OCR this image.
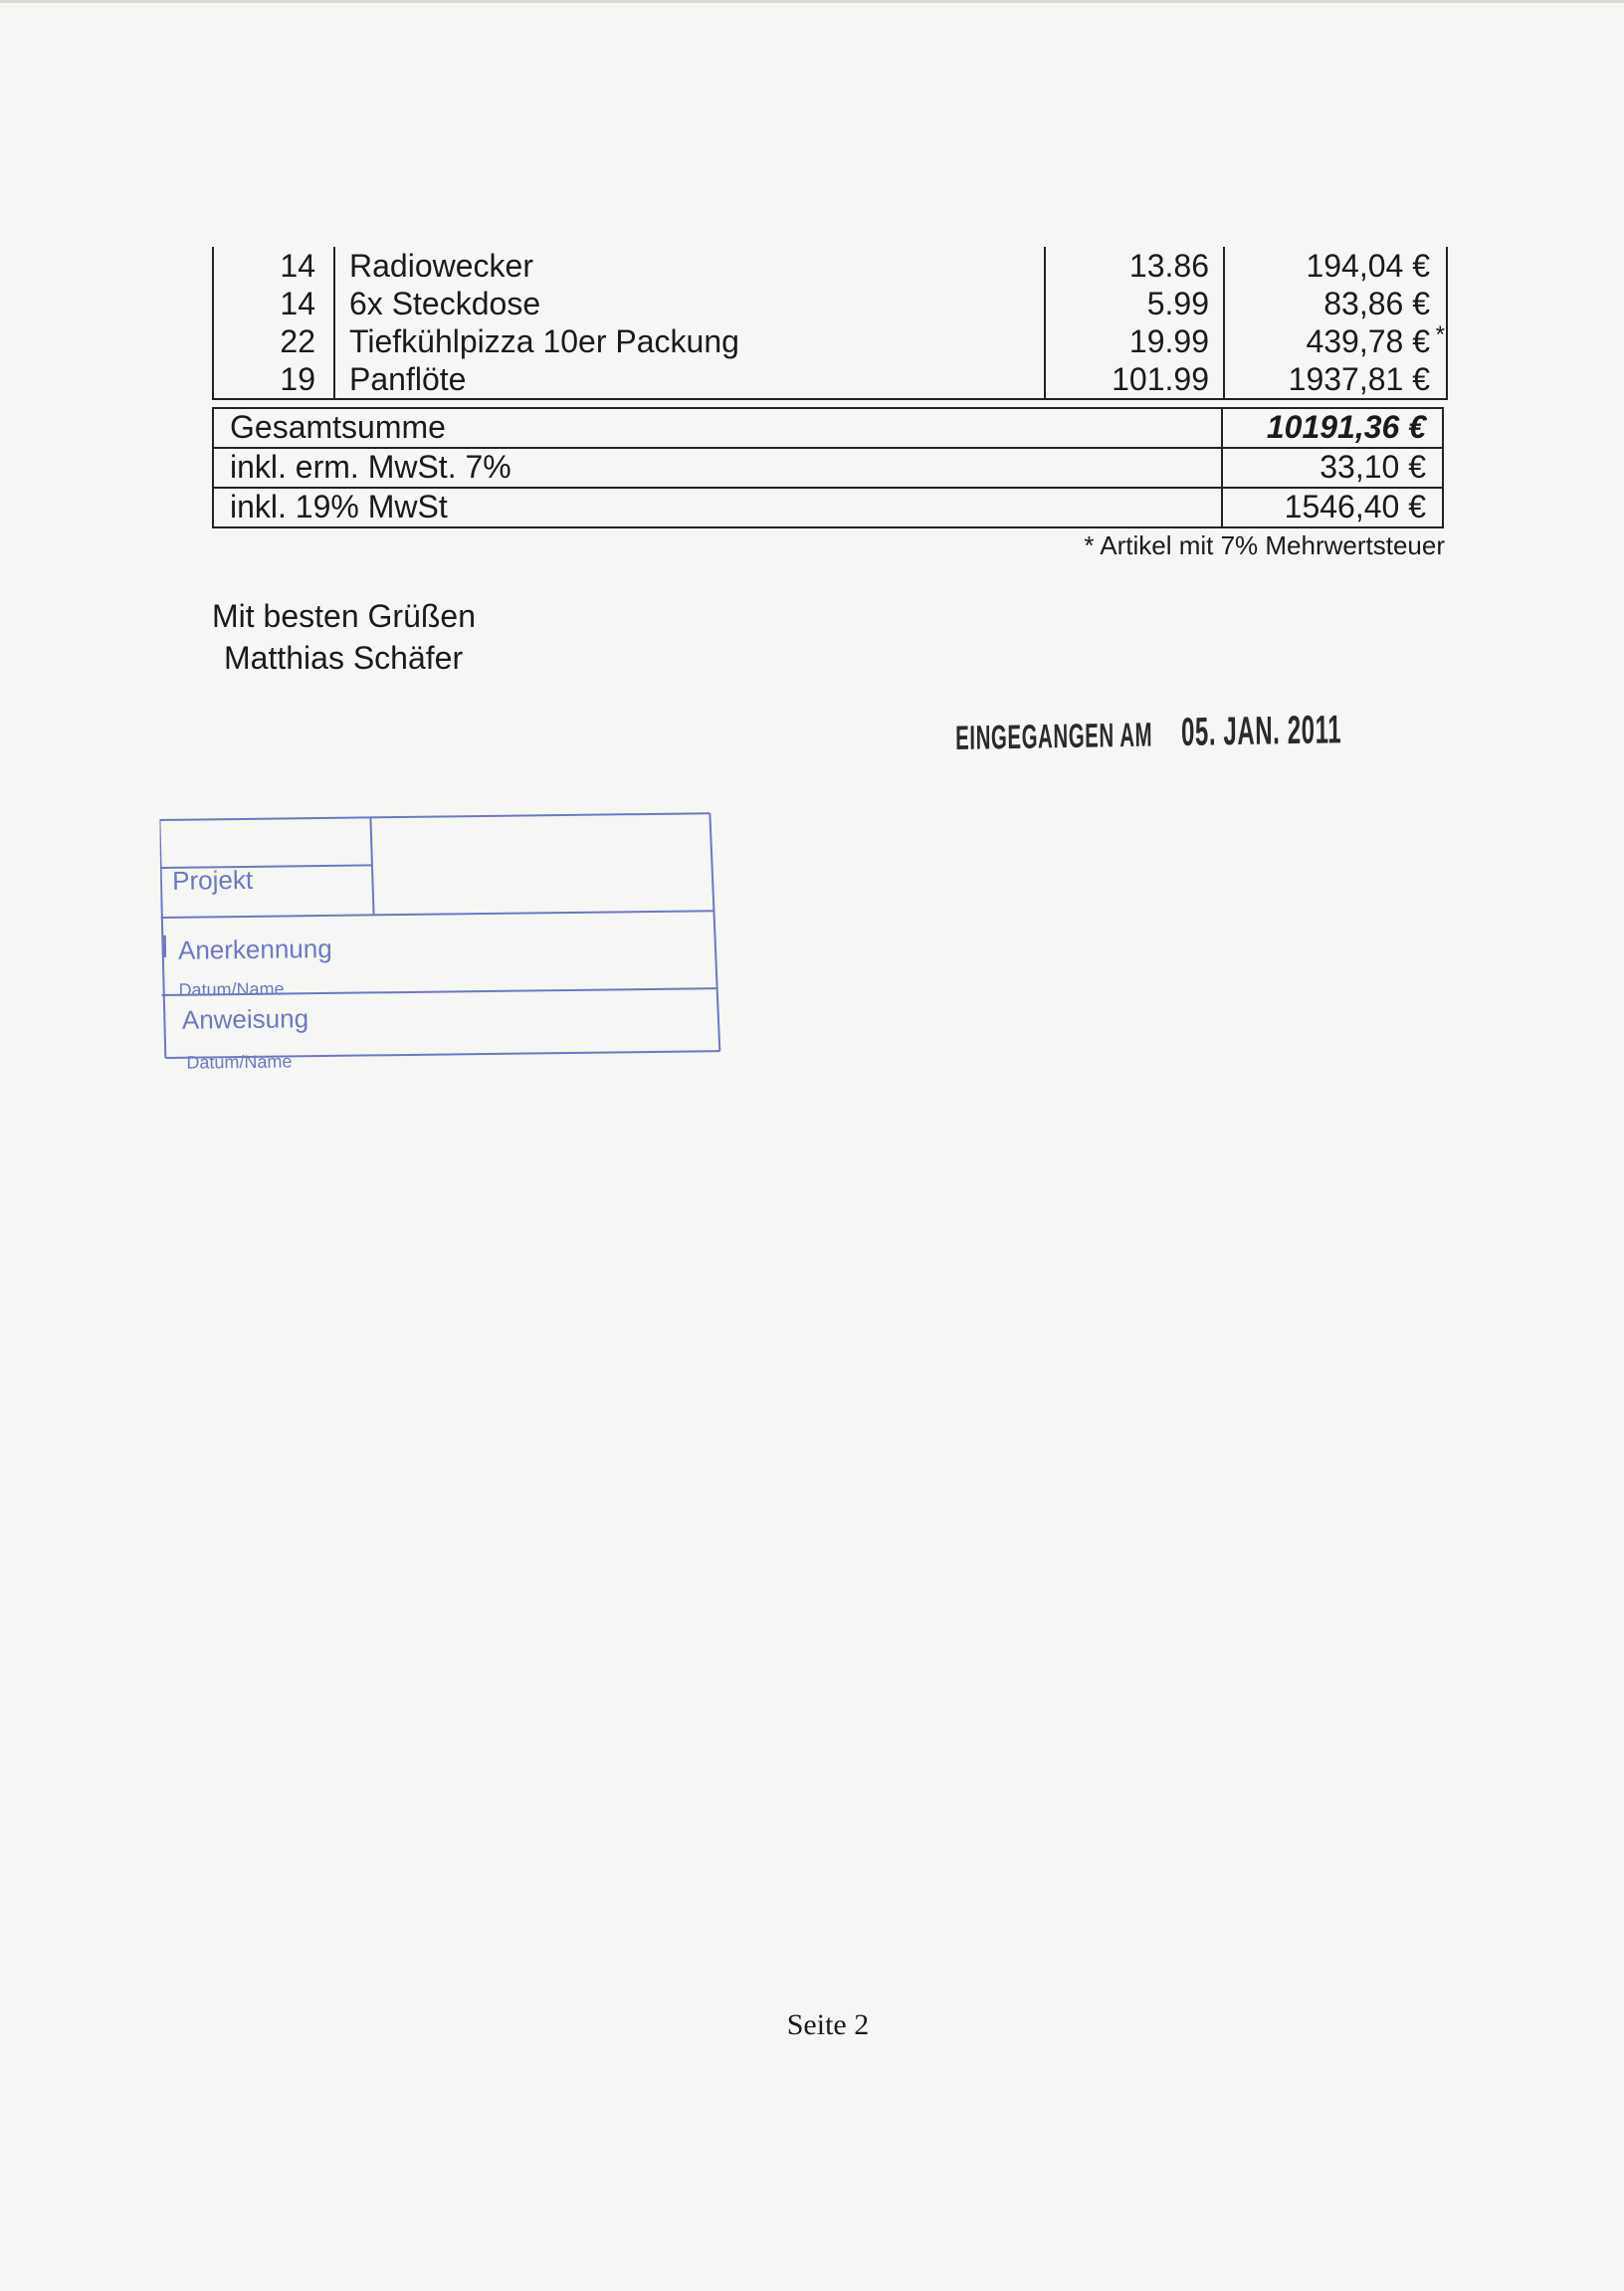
14	Radiowecker	13.86	194,04 €
14	6x Steckdose	5.99	83,86 €
22	Tiefkühlpizza 10er Packung	19.99	439,78 € *
19	Panflöte	101.99	1937,81 €
Gesamtsumme	10191,36 €
inkl. erm. MwSt. 7%	33,10 €
inkl. 19% MwSt	1546,40 €
* Artikel mit 7% Mehrwertsteuer
Mit besten Grüßen
Matthias Schäfer
EINGEGANGEN AM 05. JAN. 2011
Projekt
Anerkennung
Datum/Name
Anweisung
Datum/Name
Seite 2
